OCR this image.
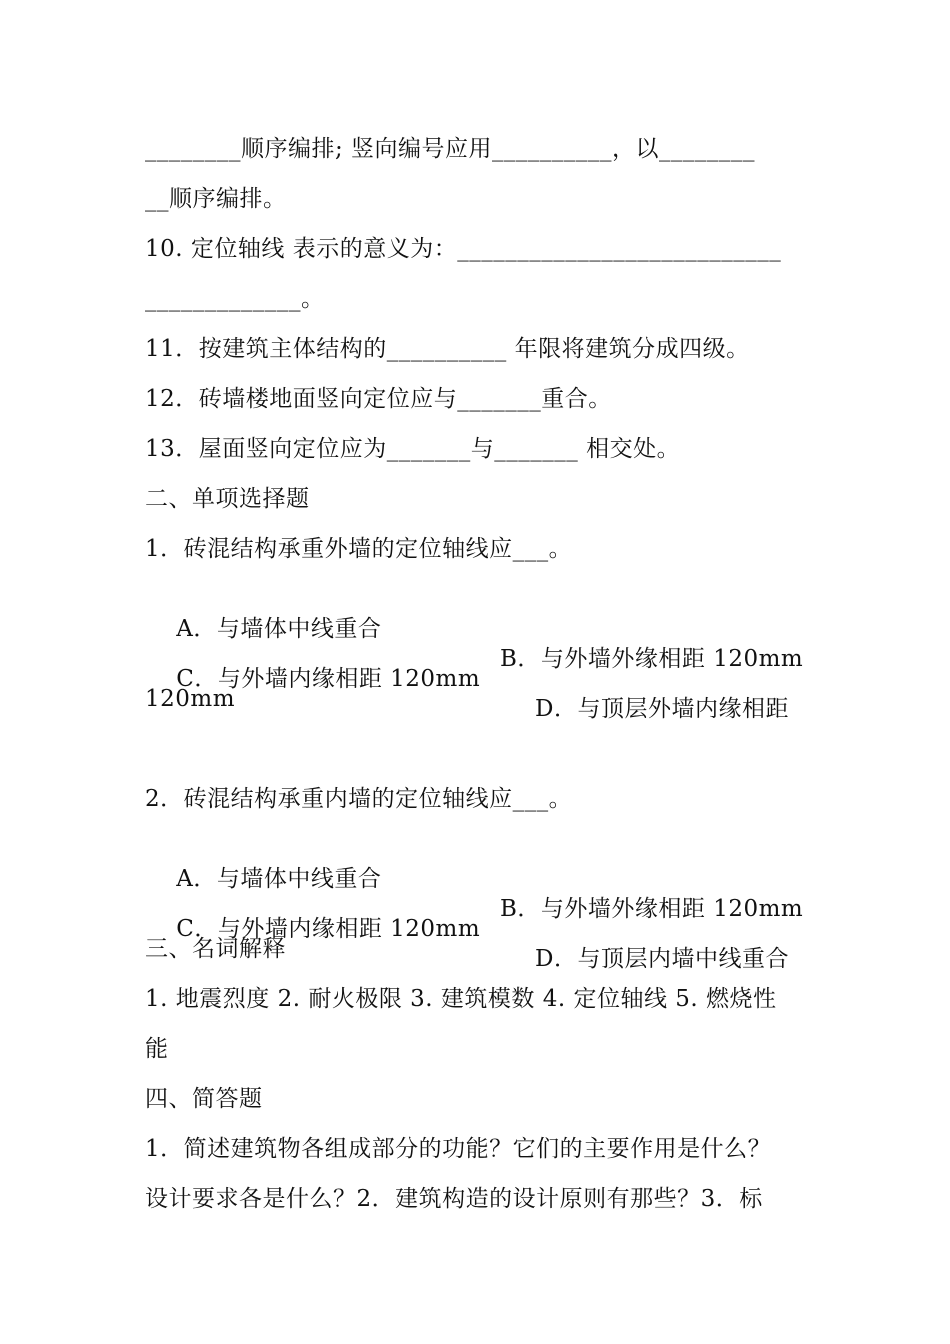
________顺序编排; 竖向编号应用__________，以________
__顺序编排。
10. 定位轴线 表示的意义为：___________________________
_____________。
11．按建筑主体结构的__________ 年限将建筑分成四级。
12．砖墙楼地面竖向定位应与_______重合。
13．屋面竖向定位应为_______与_______ 相交处。
二、单项选择题
1．砖混结构承重外墙的定位轴线应___。

A．与墙体中线重合

B．与外墙外缘相距 120mm

C．与外墙内缘相距 120mm

D．与顶层外墙内缘相距

120mm
2．砖混结构承重内墙的定位轴线应___。

A．与墙体中线重合

B．与外墙外缘相距 120mm

C．与外墙内缘相距 120mm

D．与顶层内墙中线重合

三、名词解释
1. 地震烈度 2. 耐火极限 3. 建筑模数 4. 定位轴线 5. 燃烧性
能
四、简答题
1．简述建筑物各组成部分的功能？它们的主要作用是什么？
设计要求各是什么？2．建筑构造的设计原则有那些？3．标
